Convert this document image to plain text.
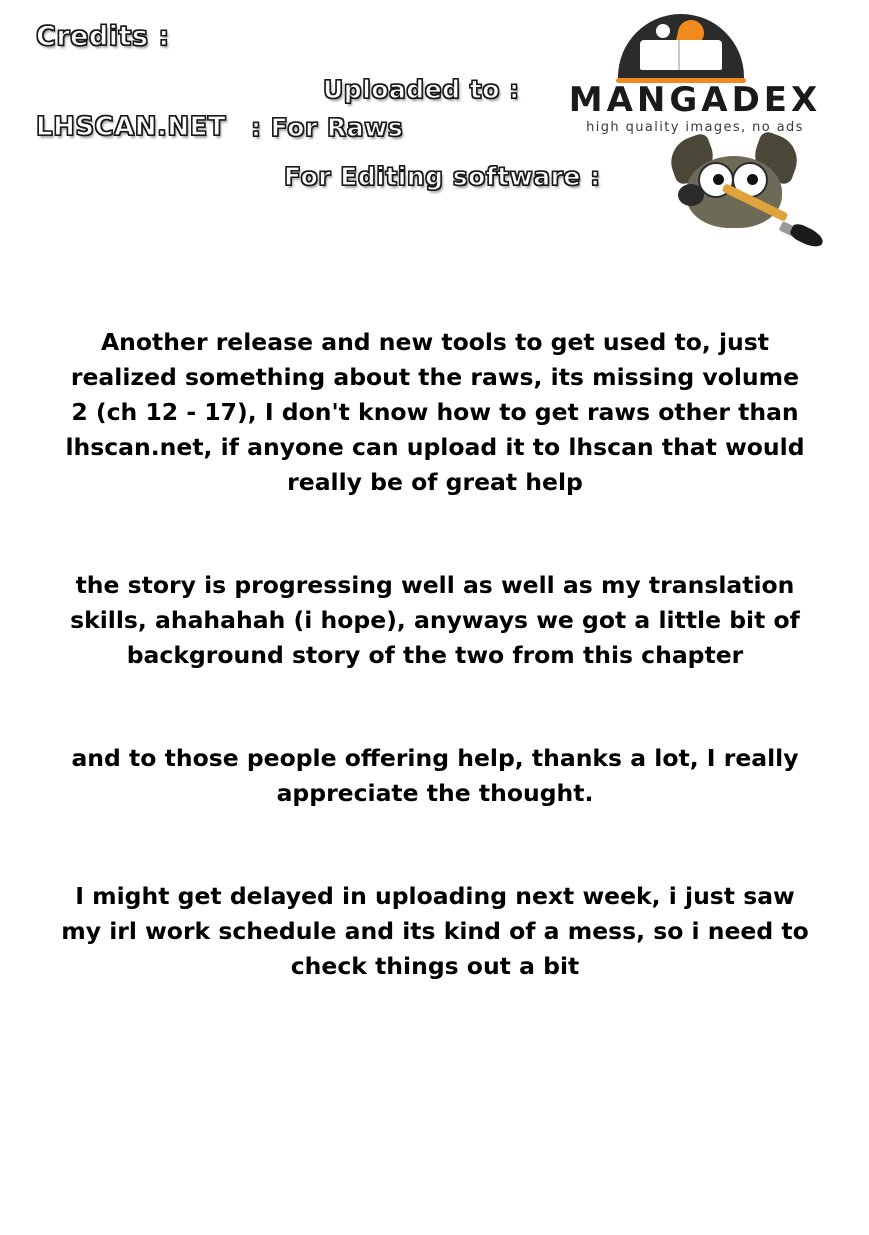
Credits :
LHSCAN.NET
Uploaded to :
: For Raws
For Editing software :
MANGADEX
high quality images, no ads

Another release and new tools to get used to, just realized something about the raws, its missing volume 2 (ch 12 - 17), I don't know how to get raws other than lhscan.net, if anyone can upload it to lhscan that would really be of great help

the story is progressing well as well as my translation skills, ahahahah (i hope), anyways we got a little bit of background story of the two from this chapter

and to those people offering help, thanks a lot, I really appreciate the thought.

I might get delayed in uploading next week, i just saw my irl work schedule and its kind of a mess, so i need to check things out a bit
